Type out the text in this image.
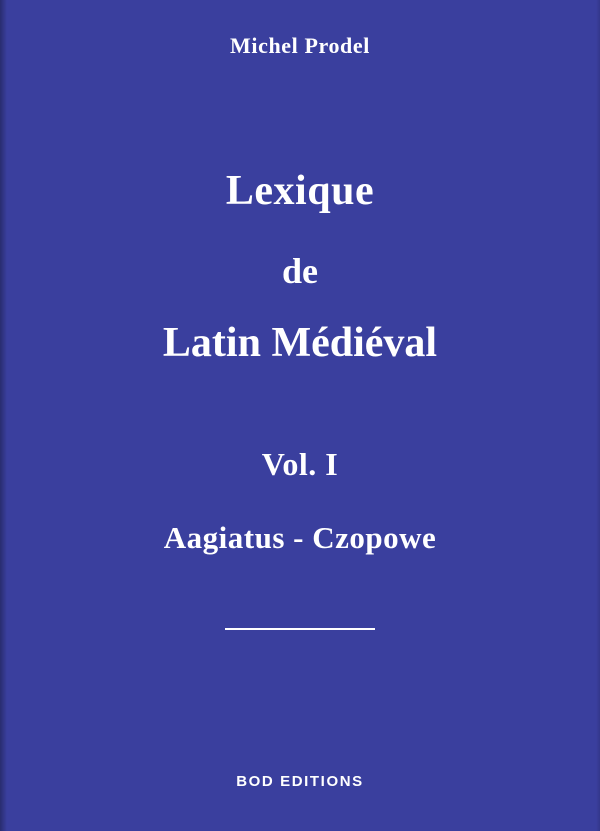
Michel Prodel
Lexique
de
Latin Médiéval
Vol. I
Aagiatus - Czopowe
BOD EDITIONS
